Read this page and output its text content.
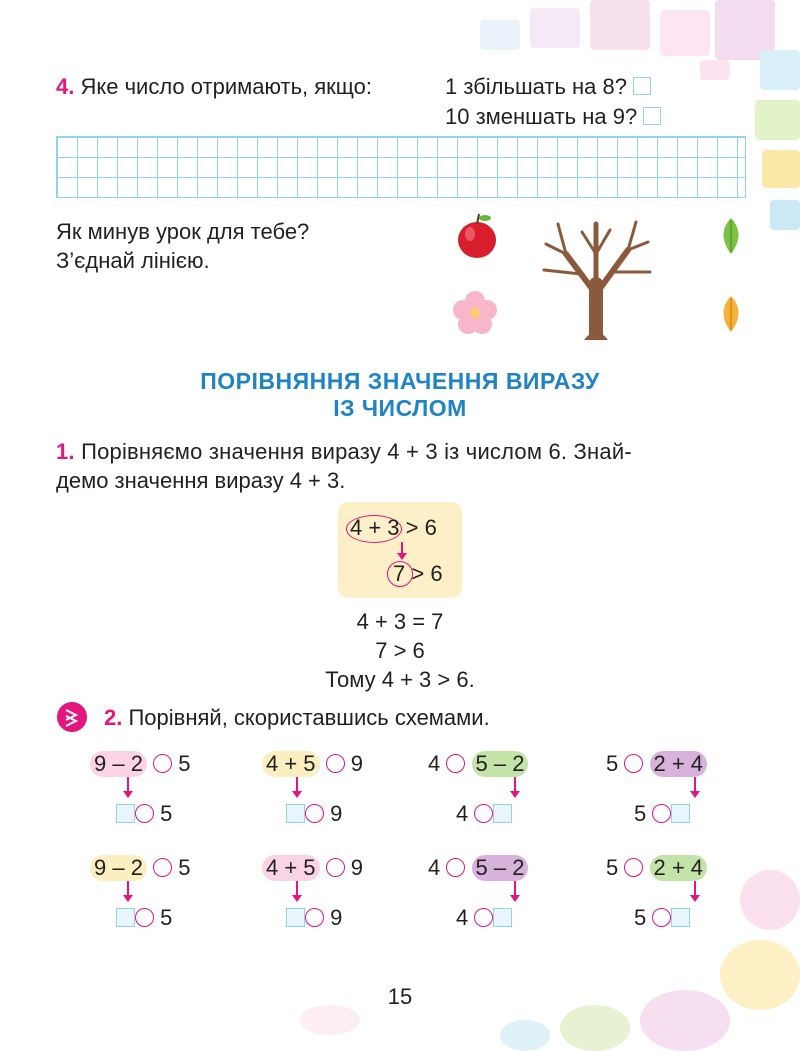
4. Яке число отримають, якщо:	1 збільшать на 8?
10 зменшать на 9?
Як минув урок для тебе?
З’єднай лінією.
ПОРІВНЯННЯ ЗНАЧЕННЯ ВИРАЗУ
ІЗ ЧИСЛОМ
1. Порівняємо значення виразу 4 + 3 із числом 6. Знай-
демо значення виразу 4 + 3.
4 + 3 > 6
7 > 6
4 + 3 = 7
7 > 6
Тому 4 + 3 > 6.
2. Порівняй, скориставшись схемами.
9 – 2 5
5
4 + 5 9
9
4 5 – 2
4
5 2 + 4
5
9 – 2 5
5
4 + 5 9
9
4 5 – 2
4
5 2 + 4
5
15
